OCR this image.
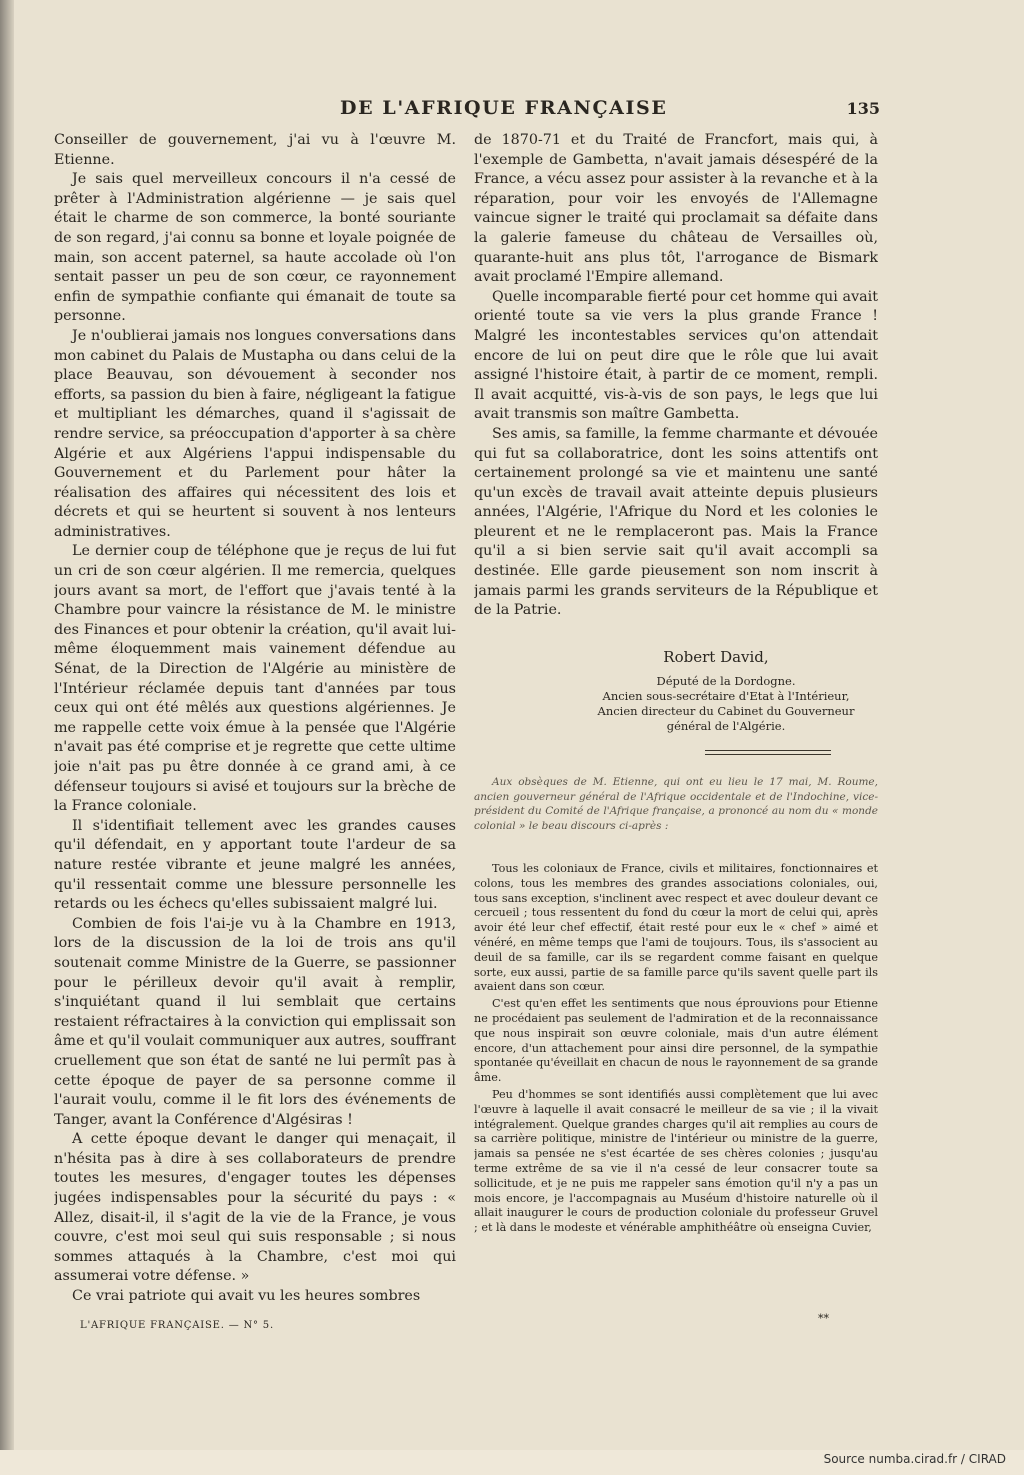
DE L'AFRIQUE FRANÇAISE	135

Conseiller de gouvernement, j'ai vu à l'œuvre M. Etienne.

Je sais quel merveilleux concours il n'a cessé de prêter à l'Administration algérienne — je sais quel était le charme de son commerce, la bonté souriante de son regard, j'ai connu sa bonne et loyale poignée de main, son accent paternel, sa haute accolade où l'on sentait passer un peu de son cœur, ce rayonnement enfin de sympathie confiante qui émanait de toute sa personne.

Je n'oublierai jamais nos longues conversations dans mon cabinet du Palais de Mustapha ou dans celui de la place Beauvau, son dévouement à seconder nos efforts, sa passion du bien à faire, négligeant la fatigue et multipliant les démarches, quand il s'agissait de rendre service, sa préoccupation d'apporter à sa chère Algérie et aux Algériens l'appui indispensable du Gouvernement et du Parlement pour hâter la réalisation des affaires qui nécessitent des lois et décrets et qui se heurtent si souvent à nos lenteurs administratives.

Le dernier coup de téléphone que je reçus de lui fut un cri de son cœur algérien. Il me remercia, quelques jours avant sa mort, de l'effort que j'avais tenté à la Chambre pour vaincre la résistance de M. le ministre des Finances et pour obtenir la création, qu'il avait lui-même éloquemment mais vainement défendue au Sénat, de la Direction de l'Algérie au ministère de l'Intérieur réclamée depuis tant d'années par tous ceux qui ont été mêlés aux questions algériennes. Je me rappelle cette voix émue à la pensée que l'Algérie n'avait pas été comprise et je regrette que cette ultime joie n'ait pas pu être donnée à ce grand ami, à ce défenseur toujours si avisé et toujours sur la brèche de la France coloniale.

Il s'identifiait tellement avec les grandes causes qu'il défendait, en y apportant toute l'ardeur de sa nature restée vibrante et jeune malgré les années, qu'il ressentait comme une blessure personnelle les retards ou les échecs qu'elles subissaient malgré lui.

Combien de fois l'ai-je vu à la Chambre en 1913, lors de la discussion de la loi de trois ans qu'il soutenait comme Ministre de la Guerre, se passionner pour le périlleux devoir qu'il avait à remplir, s'inquiétant quand il lui semblait que certains restaient réfractaires à la conviction qui emplissait son âme et qu'il voulait communiquer aux autres, souffrant cruellement que son état de santé ne lui permît pas à cette époque de payer de sa personne comme il l'aurait voulu, comme il le fit lors des événements de Tanger, avant la Conférence d'Algésiras !

A cette époque devant le danger qui menaçait, il n'hésita pas à dire à ses collaborateurs de prendre toutes les mesures, d'engager toutes les dépenses jugées indispensables pour la sécurité du pays : « Allez, disait-il, il s'agit de la vie de la France, je vous couvre, c'est moi seul qui suis responsable ; si nous sommes attaqués à la Chambre, c'est moi qui assumerai votre défense. »

Ce vrai patriote qui avait vu les heures sombres

de 1870-71 et du Traité de Francfort, mais qui, à l'exemple de Gambetta, n'avait jamais désespéré de la France, a vécu assez pour assister à la revanche et à la réparation, pour voir les envoyés de l'Allemagne vaincue signer le traité qui proclamait sa défaite dans la galerie fameuse du château de Versailles où, quarante-huit ans plus tôt, l'arrogance de Bismark avait proclamé l'Empire allemand.

Quelle incomparable fierté pour cet homme qui avait orienté toute sa vie vers la plus grande France ! Malgré les incontestables services qu'on attendait encore de lui on peut dire que le rôle que lui avait assigné l'histoire était, à partir de ce moment, rempli. Il avait acquitté, vis-à-vis de son pays, le legs que lui avait transmis son maître Gambetta.

Ses amis, sa famille, la femme charmante et dévouée qui fut sa collaboratrice, dont les soins attentifs ont certainement prolongé sa vie et maintenu une santé qu'un excès de travail avait atteinte depuis plusieurs années, l'Algérie, l'Afrique du Nord et les colonies le pleurent et ne le remplaceront pas. Mais la France qu'il a si bien servie sait qu'il avait accompli sa destinée. Elle garde pieusement son nom inscrit à jamais parmi les grands serviteurs de la République et de la Patrie.

Robert David,
Député de la Dordogne.
Ancien sous-secrétaire d'Etat à l'Intérieur,
Ancien directeur du Cabinet du Gouverneur
général de l'Algérie.

Aux obsèques de M. Etienne, qui ont eu lieu le 17 mai, M. Roume, ancien gouverneur général de l'Afrique occidentale et de l'Indochine, vice-président du Comité de l'Afrique française, a prononcé au nom du « monde colonial » le beau discours ci-après :

Tous les coloniaux de France, civils et militaires, fonctionnaires et colons, tous les membres des grandes associations coloniales, oui, tous sans exception, s'inclinent avec respect et avec douleur devant ce cercueil ; tous ressentent du fond du cœur la mort de celui qui, après avoir été leur chef effectif, était resté pour eux le « chef » aimé et vénéré, en même temps que l'ami de toujours. Tous, ils s'associent au deuil de sa famille, car ils se regardent comme faisant en quelque sorte, eux aussi, partie de sa famille parce qu'ils savent quelle part ils avaient dans son cœur.

C'est qu'en effet les sentiments que nous éprouvions pour Etienne ne procédaient pas seulement de l'admiration et de la reconnaissance que nous inspirait son œuvre coloniale, mais d'un autre élément encore, d'un attachement pour ainsi dire personnel, de la sympathie spontanée qu'éveillait en chacun de nous le rayonnement de sa grande âme.

Peu d'hommes se sont identifiés aussi complètement que lui avec l'œuvre à laquelle il avait consacré le meilleur de sa vie ; il la vivait intégralement. Quelque grandes charges qu'il ait remplies au cours de sa carrière politique, ministre de l'intérieur ou ministre de la guerre, jamais sa pensée ne s'est écartée de ses chères colonies ; jusqu'au terme extrême de sa vie il n'a cessé de leur consacrer toute sa sollicitude, et je ne puis me rappeler sans émotion qu'il n'y a pas un mois encore, je l'accompagnais au Muséum d'histoire naturelle où il allait inaugurer le cours de production coloniale du professeur Gruvel ; et là dans le modeste et vénérable amphithéâtre où enseigna Cuvier,

**
L'AFRIQUE FRANÇAISE. — N° 5.
Source numba.cirad.fr / CIRAD
